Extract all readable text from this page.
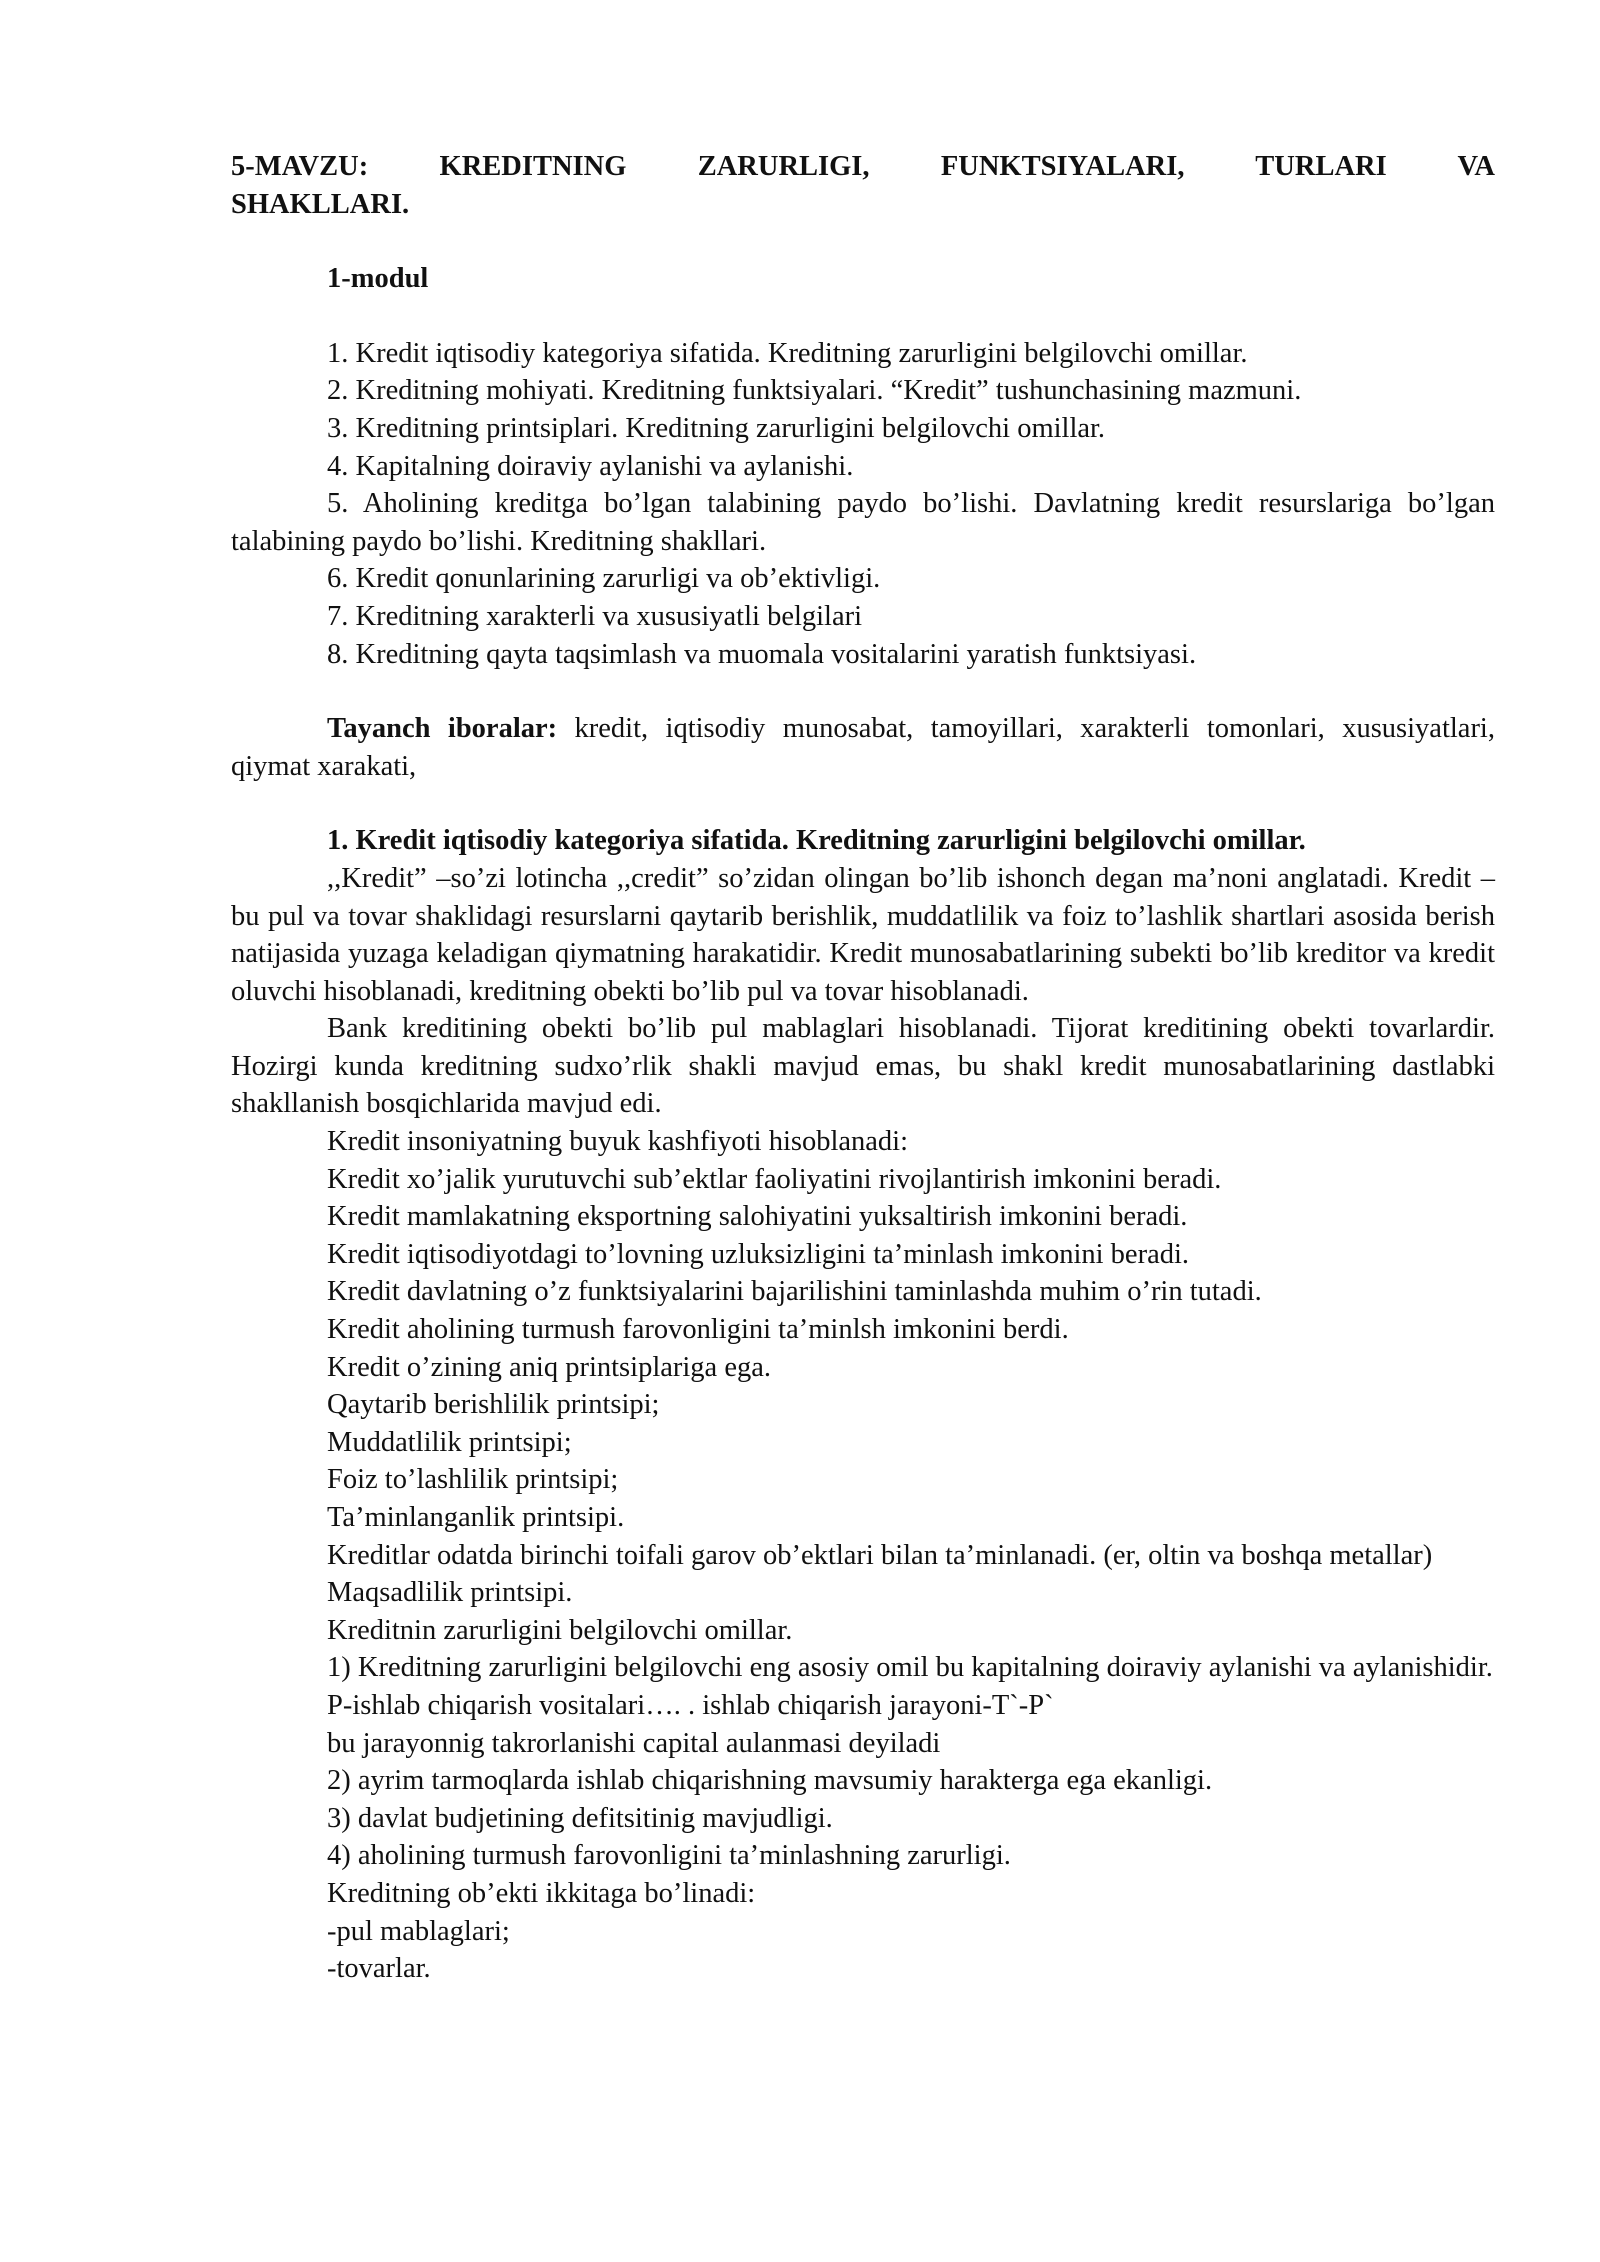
5-MAVZU: KREDITNING ZARURLIGI, FUNKTSIYALARI, TURLARI VA SHAKLLARI.

1-modul

1. Kredit iqtisodiy kategoriya sifatida. Kreditning zarurligini belgilovchi omillar.

2. Kreditning mohiyati. Kreditning funktsiyalari. “Kredit” tushunchasining mazmuni.

3. Kreditning printsiplari. Kreditning zarurligini belgilovchi omillar.

4. Kapitalning doiraviy aylanishi va aylanishi.

5. Aholining kreditga bo’lgan talabining paydo bo’lishi. Davlatning kredit resurslariga bo’lgan talabining paydo bo’lishi. Kreditning shakllari.

6. Kredit qonunlarining zarurligi va ob’ektivligi.

7. Kreditning xarakterli va xususiyatli belgilari

8. Kreditning qayta taqsimlash va muomala vositalarini yaratish funktsiyasi.

Tayanch iboralar: kredit, iqtisodiy munosabat, tamoyillari, xarakterli tomonlari, xususiyatlari, qiymat xarakati,

1. Kredit iqtisodiy kategoriya sifatida. Kreditning zarurligini belgilovchi omillar.

,,Kredit” –so’zi lotincha ,,credit” so’zidan olingan bo’lib ishonch degan ma’noni anglatadi. Kredit – bu pul va tovar shaklidagi resurslarni qaytarib berishlik, muddatlilik va foiz to’lashlik shartlari asosida berish natijasida yuzaga keladigan qiymatning harakatidir. Kredit munosabatlarining subekti bo’lib kreditor va kredit oluvchi hisoblanadi, kreditning obekti bo’lib pul va tovar hisoblanadi.

Bank kreditining obekti bo’lib pul mablaglari hisoblanadi. Tijorat kreditining obekti tovarlardir. Hozirgi kunda kreditning sudxo’rlik shakli mavjud emas, bu shakl kredit munosabatlarining dastlabki shakllanish bosqichlarida mavjud edi.

Kredit insoniyatning buyuk kashfiyoti hisoblanadi:

Kredit xo’jalik yurutuvchi sub’ektlar faoliyatini rivojlantirish imkonini beradi.

Kredit mamlakatning eksportning salohiyatini yuksaltirish imkonini beradi.

Kredit iqtisodiyotdagi to’lovning uzluksizligini ta’minlash imkonini beradi.

Kredit davlatning o’z funktsiyalarini bajarilishini taminlashda muhim o’rin tutadi.

Kredit aholining turmush farovonligini ta’minlsh imkonini berdi.

Kredit o’zining aniq printsiplariga ega.

Qaytarib berishlilik printsipi;

Muddatlilik printsipi;

Foiz to’lashlilik printsipi;

Ta’minlanganlik printsipi.

Kreditlar odatda birinchi toifali garov ob’ektlari bilan ta’minlanadi. (er, oltin va boshqa metallar)

Maqsadlilik printsipi.

Kreditnin zarurligini belgilovchi omillar.

1) Kreditning zarurligini belgilovchi eng asosiy omil bu kapitalning doiraviy aylanishi va aylanishidir.

P-ishlab chiqarish vositalari…. . ishlab chiqarish jarayoni-T`-P`

bu jarayonnig takrorlanishi capital aulanmasi deyiladi

2) ayrim tarmoqlarda ishlab chiqarishning mavsumiy harakterga ega ekanligi.

3) davlat budjetining defitsitinig mavjudligi.

4) aholining turmush farovonligini ta’minlashning zarurligi.

Kreditning ob’ekti ikkitaga bo’linadi:

-pul mablaglari;

-tovarlar.
